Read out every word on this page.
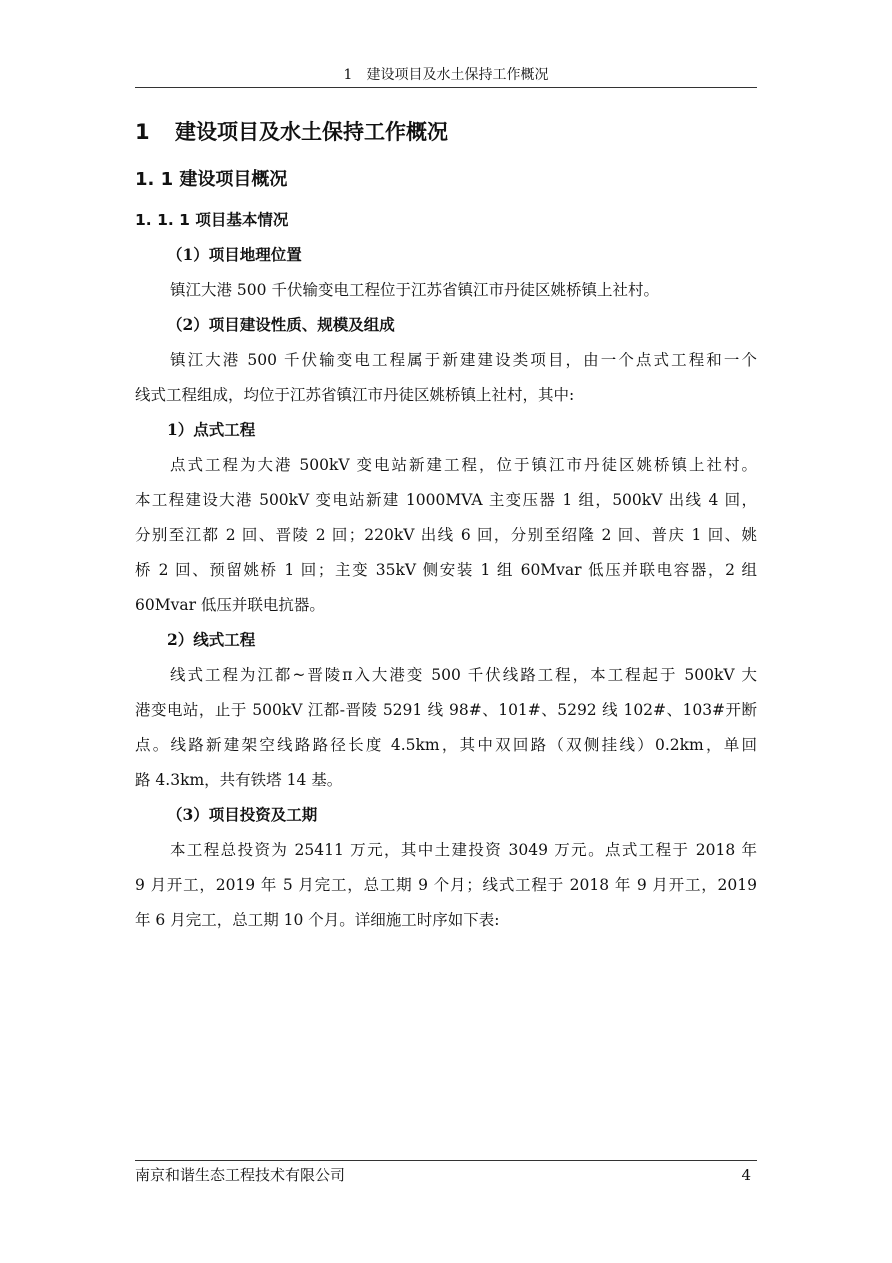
1　建设项目及水土保持工作概况
1 建设项目及水土保持工作概况
1. 1 建设项目概况
1. 1. 1 项目基本情况
（1）项目地理位置
镇江大港 500 千伏输变电工程位于江苏省镇江市丹徒区姚桥镇上社村。
（2）项目建设性质、规模及组成
镇江大港 500 千伏输变电工程属于新建建设类项目，由一个点式工程和一个
线式工程组成，均位于江苏省镇江市丹徒区姚桥镇上社村，其中:
1）点式工程
点式工程为大港 500kV 变电站新建工程，位于镇江市丹徒区姚桥镇上社村。
本工程建设大港 500kV 变电站新建 1000MVA 主变压器 1 组，500kV 出线 4 回，
分别至江都 2 回、晋陵 2 回；220kV 出线 6 回，分别至绍隆 2 回、普庆 1 回、姚
桥 2 回、预留姚桥 1 回；主变 35kV 侧安装 1 组 60Mvar 低压并联电容器，2 组
60Mvar 低压并联电抗器。
2）线式工程
线式工程为江都~晋陵π入大港变 500 千伏线路工程，本工程起于 500kV 大
港变电站，止于 500kV 江都-晋陵 5291 线 98#、101#、5292 线 102#、103#开断
点。线路新建架空线路路径长度 4.5km，其中双回路（双侧挂线）0.2km，单回
路 4.3km，共有铁塔 14 基。
（3）项目投资及工期
本工程总投资为 25411 万元，其中土建投资 3049 万元。点式工程于 2018 年
9 月开工，2019 年 5 月完工，总工期 9 个月；线式工程于 2018 年 9 月开工，2019
年 6 月完工，总工期 10 个月。详细施工时序如下表:
南京和谐生态工程技术有限公司	4
